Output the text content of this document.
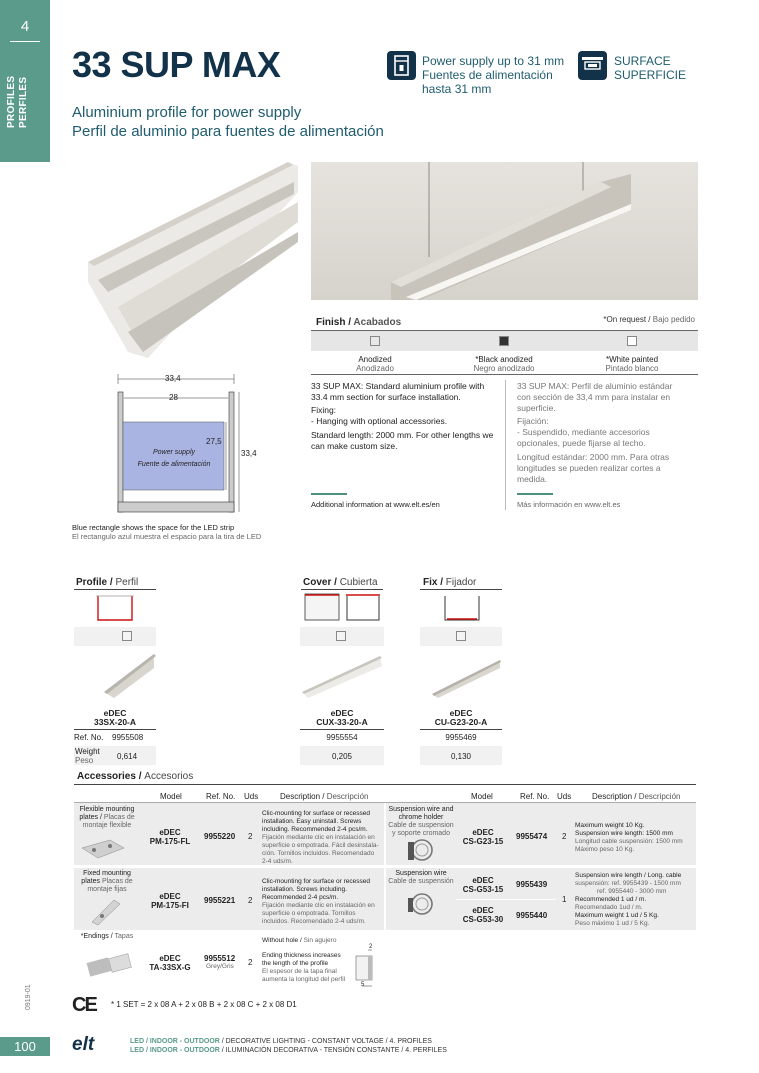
4
PROFILES PERFILES
33 SUP MAX
Aluminium profile for power supply
Perfil de aluminio para fuentes de alimentación
Power supply up to 31 mm
Fuentes de alimentación
hasta 31 mm
SURFACE
SUPERFICIE
Finish / Acabados	*On request / Bajo pedido
Anodized
Anodizado
*Black anodized
Negro anodizado
*White painted
Pintado blanco
33 SUP MAX: Standard aluminium profile with 33.4 mm section for surface installation.
Fixing:
- Hanging with optional accessories.
Standard length: 2000 mm. For other lengths we can make custom size.
33 SUP MAX: Perfil de aluminio estándar con sección de 33,4 mm para instalar en superficie.
Fijación:
- Suspendido, mediante accesorios opcionales, puede fijarse al techo.
Longitud estándar: 2000 mm. Para otras longitudes se pueden realizar cortes a medida.
Additional information at www.elt.es/en	Más información en www.elt.es
33,4
28
27,5
33,4
Power supply
Fuente de alimentación
Blue rectangle shows the space for the LED strip
El rectangulo azul muestra el espacio para la tira de LED
Profile / Perfil	Cover / Cubierta	Fix / Fijador
eDEC
33SX-20-A
eDEC
CUX-33-20-A
eDEC
CU-G23-20-A
Ref. No. 9955508	9955554	9955469
Weight
Peso	0,614	0,205	0,130
Accessories / Accesorios
Model	Ref. No. Uds	Description / Descripción	Model	Ref. No. Uds	Description / Descripción
Flexible mounting plates / Placas de montaje flexible
eDEC
PM-175-FL
9955220 2
Clic-mounting for surface or recessed installation. Easy uninstall. Screws including. Recommended 2-4 pcs/m.
Fijación mediante clic en instalación en superficie o empotrada. Fácil desinstala-ción. Tornillos incluidos. Recomendado 2-4 uds/m.
Fixed mounting plates Placas de montaje fijas
eDEC
PM-175-FI
9955221 2
Clic-mounting for surface or recessed installation. Screws including. Recommended 2-4 pcs/m.
Fijación mediante clic en instalación en superficie o empotrada. Tornillos incluidos. Recomendado 2-4 uds/m.
*Endings / Tapas
eDEC
TA-33SX-G
9955512
Grey/Gris 2
Without hole / Sin agujero
Ending thickness increases the length of the profile
El espesor de la tapa final aumenta la longitud del perfil
2
5
Suspension wire and chrome holder
Cable de suspension y soporte cromado	eDEC
CS-G23-15
9955474 2
Maximum weight 10 Kg.
Suspension wire length: 1500 mm
Longitud cable suspensión: 1500 mm
Máximo peso 10 Kg.
Suspension wire
Cable de suspensión	eDEC
CS-G53-15
9955439
eDEC
CS-G53-30	9955440
1
Suspension wire length / Long. cable
suspensión: ref. 9955439 - 1500 mm
ref. 9955440 - 3000 mm
Recommended 1 ud / m.
Recomendado 1ud / m.
Maximum weight 1 ud / 5 Kg.
Peso máximo 1 ud / 5 Kg.
CE * 1 SET = 2 x 08 A + 2 x 08 B + 2 x 08 C + 2 x 08 D1
0919-01
100	elt	LED / INDOOR - OUTDOOR / DECORATIVE LIGHTING - CONSTANT VOLTAGE / 4. PROFILES
LED / INDOOR - OUTDOOR / ILUMINACIÓN DECORATIVA - TENSIÓN CONSTANTE / 4. PERFILES
